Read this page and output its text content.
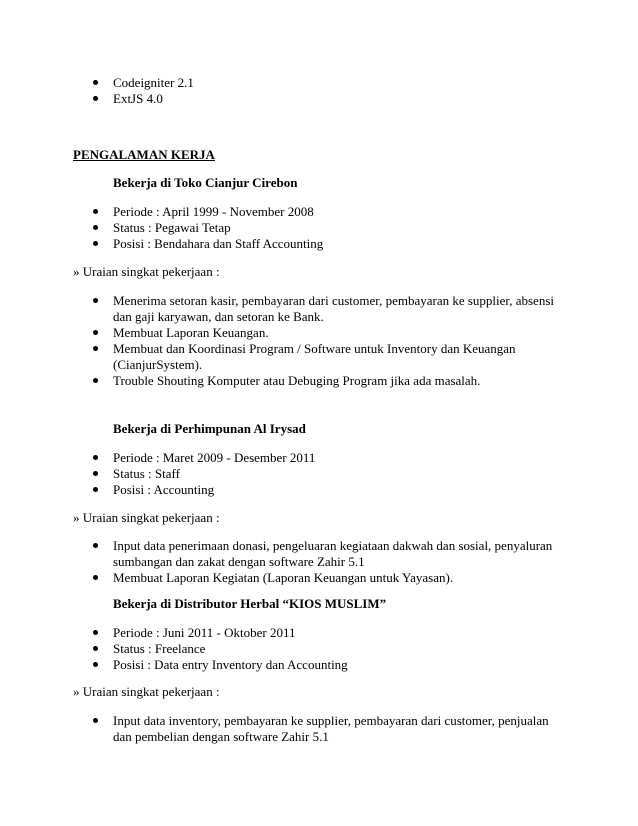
Codeigniter 2.1
ExtJS 4.0
PENGALAMAN KERJA
Bekerja di Toko Cianjur Cirebon
Periode : April 1999 - November 2008
Status : Pegawai Tetap
Posisi : Bendahara dan Staff Accounting
» Uraian singkat pekerjaan :
Menerima setoran kasir, pembayaran dari customer, pembayaran ke supplier, absensi dan gaji karyawan, dan setoran ke Bank.
Membuat Laporan Keuangan.
Membuat dan Koordinasi Program / Software untuk Inventory dan Keuangan (CianjurSystem).
Trouble Shouting Komputer atau Debuging Program jika ada masalah.
Bekerja di Perhimpunan Al Irysad
Periode : Maret 2009 - Desember 2011
Status : Staff
Posisi : Accounting
» Uraian singkat pekerjaan :
Input data penerimaan donasi, pengeluaran kegiataan dakwah dan sosial, penyaluran sumbangan dan zakat dengan software Zahir 5.1
Membuat Laporan Kegiatan (Laporan Keuangan untuk Yayasan).
Bekerja di Distributor Herbal “KIOS MUSLIM”
Periode : Juni 2011 - Oktober 2011
Status : Freelance
Posisi : Data entry Inventory dan Accounting
» Uraian singkat pekerjaan :
Input data inventory, pembayaran ke supplier, pembayaran dari customer, penjualan dan pembelian dengan software Zahir 5.1
